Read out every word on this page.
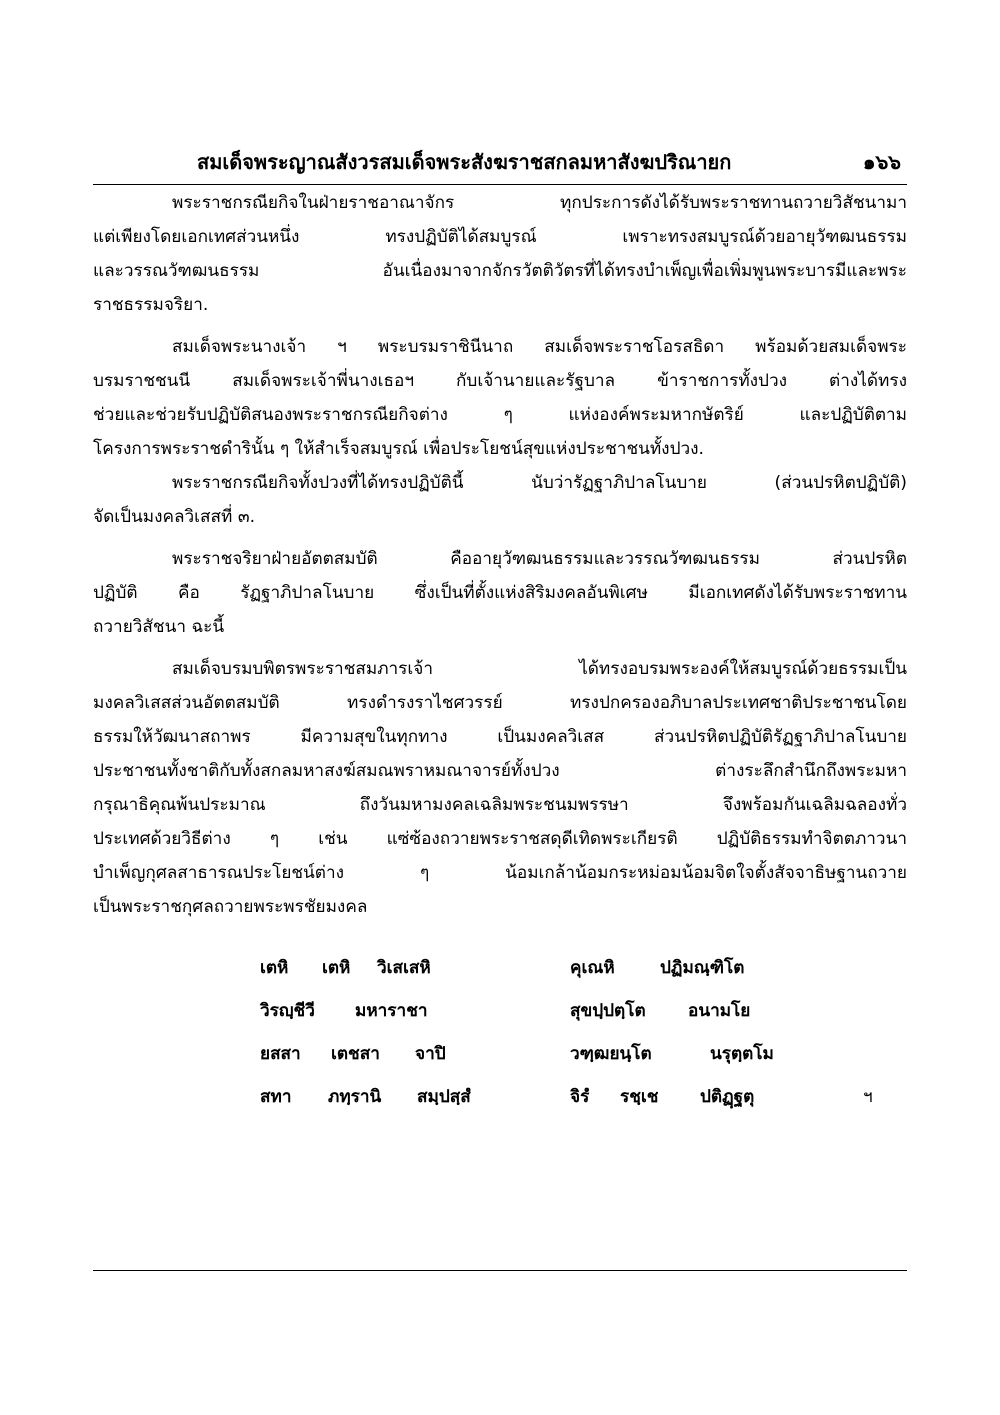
สมเด็จพระญาณสังวรสมเด็จพระสังฆราชสกลมหาสังฆปริณายก	๑๖๖
พระราชกรณียกิจในฝ่ายราชอาณาจักร ทุกประการดังได้รับพระราชทานถวายวิสัชนามา
แต่เพียงโดยเอกเทศส่วนหนึ่ง ทรงปฏิบัติได้สมบูรณ์ เพราะทรงสมบูรณ์ด้วยอายุวัฑฒนธรรม
และวรรณวัฑฒนธรรม อันเนื่องมาจากจักรวัตติวัตรที่ได้ทรงบำเพ็ญเพื่อเพิ่มพูนพระบารมีและพระ
ราชธรรมจริยา.
สมเด็จพระนางเจ้า ฯ พระบรมราชินีนาถ สมเด็จพระราชโอรสธิดา พร้อมด้วยสมเด็จพระ
บรมราชชนนี สมเด็จพระเจ้าพี่นางเธอฯ กับเจ้านายและรัฐบาล ข้าราชการทั้งปวง ต่างได้ทรง
ช่วยและช่วยรับปฏิบัติสนองพระราชกรณียกิจต่าง ๆ แห่งองค์พระมหากษัตริย์ และปฏิบัติตาม
โครงการพระราชดำรินั้น ๆ ให้สำเร็จสมบูรณ์ เพื่อประโยชน์สุขแห่งประชาชนทั้งปวง.
พระราชกรณียกิจทั้งปวงที่ได้ทรงปฏิบัตินี้ นับว่ารัฏฐาภิปาลโนบาย (ส่วนปรหิตปฏิบัติ)
จัดเป็นมงคลวิเสสที่ ๓.
พระราชจริยาฝ่ายอัตตสมบัติ คืออายุวัฑฒนธรรมและวรรณวัฑฒนธรรม ส่วนปรหิต
ปฏิบัติ คือ รัฏฐาภิปาลโนบาย ซึ่งเป็นที่ตั้งแห่งสิริมงคลอันพิเศษ มีเอกเทศดังได้รับพระราชทาน
ถวายวิสัชนา ฉะนี้
สมเด็จบรมบพิตรพระราชสมภารเจ้า ได้ทรงอบรมพระองค์ให้สมบูรณ์ด้วยธรรมเป็น
มงคลวิเสสส่วนอัตตสมบัติ ทรงดำรงราไชศวรรย์ ทรงปกครองอภิบาลประเทศชาติประชาชนโดย
ธรรมให้วัฒนาสถาพร มีความสุขในทุกทาง เป็นมงคลวิเสส ส่วนปรหิตปฏิบัติรัฏฐาภิปาลโนบาย
ประชาชนทั้งชาติกับทั้งสกลมหาสงฆ์สมณพราหมณาจารย์ทั้งปวง ต่างระลึกสำนึกถึงพระมหา
กรุณาธิคุณพ้นประมาณ ถึงวันมหามงคลเฉลิมพระชนมพรรษา จึงพร้อมกันเฉลิมฉลองทั่ว
ประเทศด้วยวิธีต่าง ๆ เช่น แซ่ซ้องถวายพระราชสดุดีเทิดพระเกียรติ ปฏิบัติธรรมทำจิตตภาวนา
บำเพ็ญกุศลสาธารณประโยชน์ต่าง ๆ น้อมเกล้าน้อมกระหม่อมน้อมจิตใจตั้งสัจจาธิษฐานถวาย
เป็นพระราชกุศลถวายพระพรชัยมงคล
เตหิ เตหิ วิเสเสหิ	คุเณหิ	ปฏิมณฺฑิโต
วิรญฺชีวี มหาราชา	สุขปฺปตฺโต อนามโย
ยสสา เตชสา จาปิ	วฑฺฒยนฺโต	นรุตฺตโม
สทา ภทฺรานิ สมฺปสฺสํ	จิรํ รชฺเช ปติฏฺฐตุ	ฯ
